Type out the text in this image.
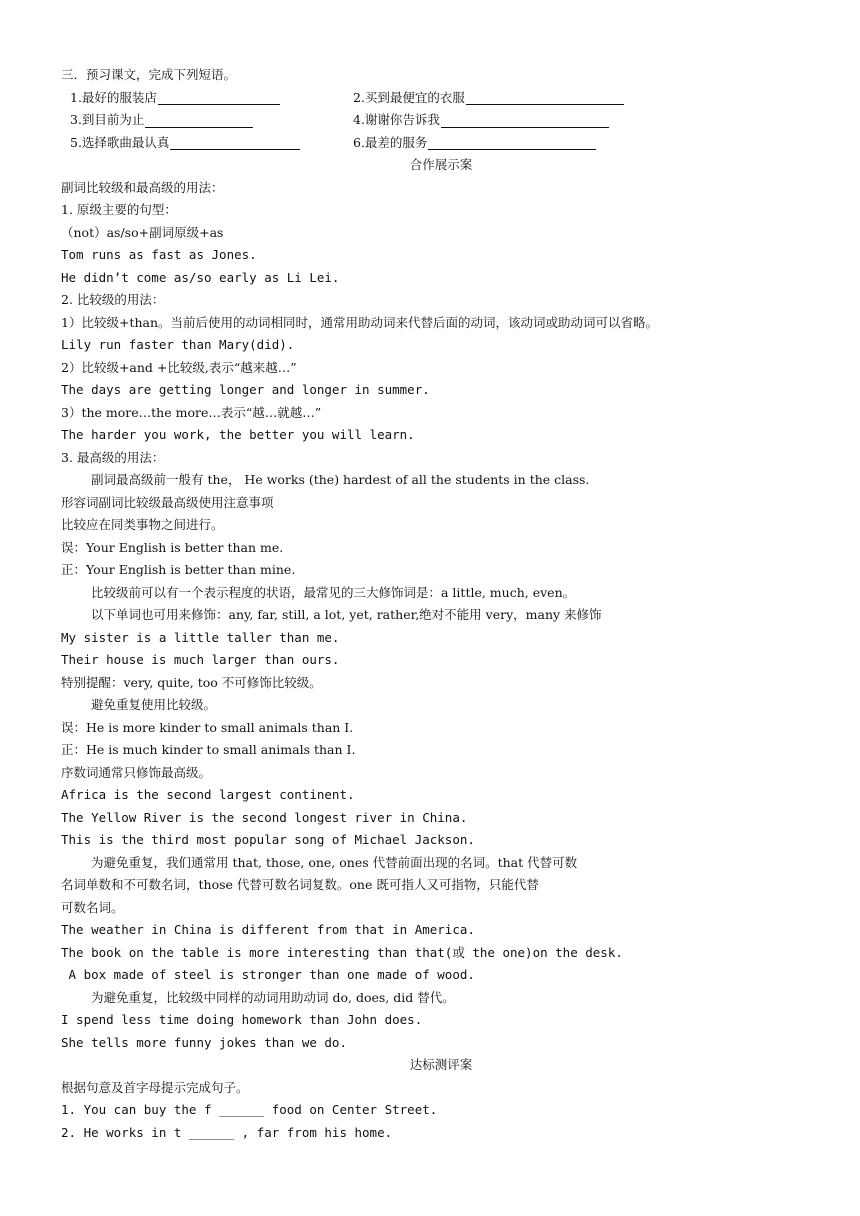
三．预习课文，完成下列短语。
1.最好的服装店	2.买到最便宜的衣服
3.到目前为止	4.谢谢你告诉我
5.选择歌曲最认真	6.最差的服务
合作展示案
副词比较级和最高级的用法：
1. 原级主要的句型：
（not）as/so+副词原级+as
Tom runs as fast as Jones.
He didn’t come as/so early as Li Lei.
2. 比较级的用法：
1）比较级+than。当前后使用的动词相同时，通常用助动词来代替后面的动词，该动词或助动词可以省略。
Lily run faster than Mary(did).
2）比较级+and +比较级,表示“越来越…”
The days are getting longer and longer in summer.
3）the more…the more…表示“越…就越…”
The harder you work, the better you will learn.
3. 最高级的用法：
副词最高级前一般有 the， He works (the) hardest of all the students in the class.
形容词副词比较级最高级使用注意事项
比较应在同类事物之间进行。
误：Your English is better than me.
正：Your English is better than mine.
比较级前可以有一个表示程度的状语，最常见的三大修饰词是：a little, much, even。
以下单词也可用来修饰：any, far, still, a lot, yet, rather,绝对不能用 very，many 来修饰
My sister is a little taller than me.
Their house is much larger than ours.
特别提醒：very, quite, too 不可修饰比较级。
避免重复使用比较级。
误：He is more kinder to small animals than I.
正：He is much kinder to small animals than I.
序数词通常只修饰最高级。
Africa is the second largest continent.
The Yellow River is the second longest river in China.
This is the third most popular song of Michael Jackson.
为避免重复，我们通常用 that, those, one, ones 代替前面出现的名词。that 代替可数
名词单数和不可数名词，those 代替可数名词复数。one 既可指人又可指物，只能代替
可数名词。
The weather in China is different from that in America.
The book on the table is more interesting than that(或 the one)on the desk.
A box made of steel is stronger than one made of wood.
为避免重复，比较级中同样的动词用助动词 do, does, did 替代。
I spend less time doing homework than John does.
She tells more funny jokes than we do.
达标测评案
根据句意及首字母提示完成句子。
1. You can buy the f ______ food on Center Street.
2. He works in t ______ , far from his home.
